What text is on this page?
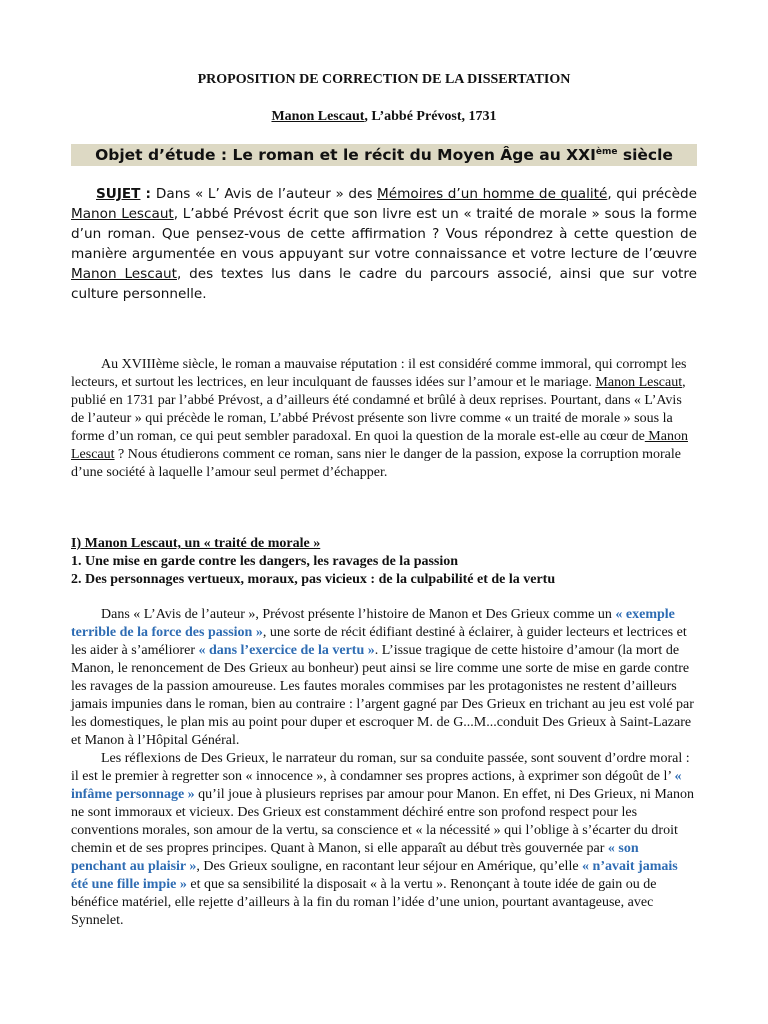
PROPOSITION DE CORRECTION DE LA DISSERTATION
Manon Lescaut, L’abbé Prévost, 1731
Objet d’étude : Le roman et le récit du Moyen Âge au XXIème siècle
SUJET : Dans « L’ Avis de l’auteur » des Mémoires d’un homme de qualité, qui précède Manon Lescaut, L’abbé Prévost écrit que son livre est un « traité de morale » sous la forme d’un roman. Que pensez-vous de cette affirmation ? Vous répondrez à cette question de manière argumentée en vous appuyant sur votre connaissance et votre lecture de l’œuvre Manon Lescaut, des textes lus dans le cadre du parcours associé, ainsi que sur votre culture personnelle.
Au XVIIIème siècle, le roman a mauvaise réputation : il est considéré comme immoral, qui corrompt les lecteurs, et surtout les lectrices, en leur inculquant de fausses idées sur l’amour et le mariage. Manon Lescaut, publié en 1731 par l’abbé Prévost, a d’ailleurs été condamné et brûlé à deux reprises. Pourtant, dans « L’Avis de l’auteur » qui précède le roman, L’abbé Prévost présente son livre comme « un traité de morale » sous la forme d’un roman, ce qui peut sembler paradoxal. En quoi la question de la morale est-elle au cœur de Manon Lescaut ? Nous étudierons comment ce roman, sans nier le danger de la passion, expose la corruption morale d’une société à laquelle l’amour seul permet d’échapper.
I) Manon Lescaut, un « traité de morale »
1. Une mise en garde contre les dangers, les ravages de la passion
2. Des personnages vertueux, moraux, pas vicieux : de la culpabilité et de la vertu
Dans « L’Avis de l’auteur », Prévost présente l’histoire de Manon et Des Grieux comme un « exemple terrible de la force des passion », une sorte de récit édifiant destiné à éclairer, à guider lecteurs et lectrices et les aider à s’améliorer « dans l’exercice de la vertu ». L’issue tragique de cette histoire d’amour (la mort de Manon, le renoncement de Des Grieux au bonheur) peut ainsi se lire comme une sorte de mise en garde contre les ravages de la passion amoureuse. Les fautes morales commises par les protagonistes ne restent d’ailleurs jamais impunies dans le roman, bien au contraire : l’argent gagné par Des Grieux en trichant au jeu est volé par les domestiques, le plan mis au point pour duper et escroquer M. de G...M...conduit Des Grieux à Saint-Lazare et Manon à l’Hôpital Général.
Les réflexions de Des Grieux, le narrateur du roman, sur sa conduite passée, sont souvent d’ordre moral : il est le premier à regretter son « innocence », à condamner ses propres actions, à exprimer son dégoût de l’ « infâme personnage » qu’il joue à plusieurs reprises par amour pour Manon. En effet, ni Des Grieux, ni Manon ne sont immoraux et vicieux. Des Grieux est constamment déchiré entre son profond respect pour les conventions morales, son amour de la vertu, sa conscience et « la nécessité » qui l’oblige à s’écarter du droit chemin et de ses propres principes. Quant à Manon, si elle apparaît au début très gouvernée par « son penchant au plaisir », Des Grieux souligne, en racontant leur séjour en Amérique, qu’elle « n’avait jamais été une fille impie » et que sa sensibilité la disposait « à la vertu ». Renonçant à toute idée de gain ou de bénéfice matériel, elle rejette d’ailleurs à la fin du roman l’idée d’une union, pourtant avantageuse, avec Synnelet.
